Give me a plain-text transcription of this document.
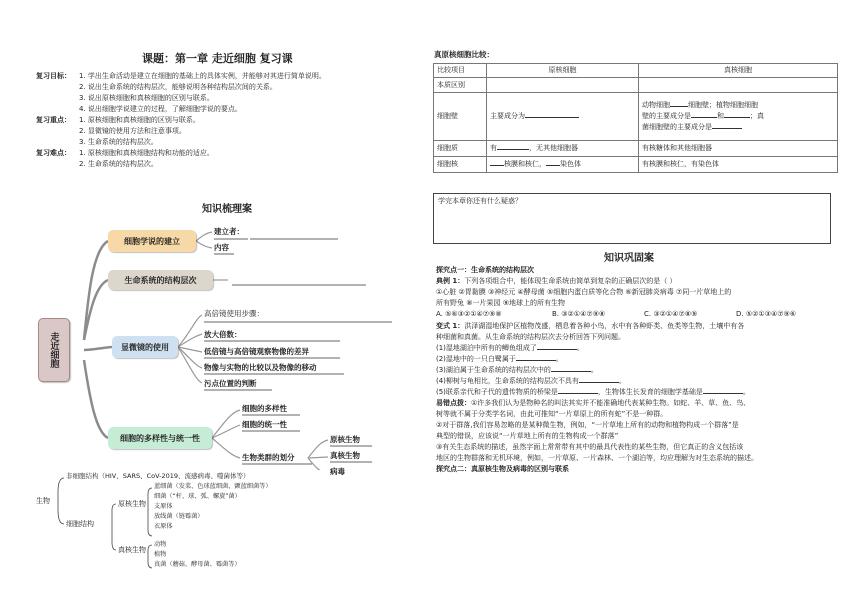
课题：第一章 走近细胞 复习课
复习目标： 1. 学出生命活动是建立在细胞的基础上的具体实例，并能够对其进行简单说明。
2. 说出生命系统的结构层次，能够说明各种结构层次间的关系。
3. 说出原核细胞和真核细胞的区别与联系。
4. 说出细胞学说建立的过程，了解细胞学说的要点。
复习重点： 1. 原核细胞和真核细胞的区别与联系。
2. 显微镜的使用方法和注意事项。
3. 生命系统的结构层次。
复习难点： 1. 原核细胞和真核细胞结构和功能的适应。
2. 生命系统的结构层次。
知识梳理案
走近细胞
细胞学说的建立
建立者：
内容
生命系统的结构层次
高倍镜使用步骤：
显微镜的使用
放大倍数：
低倍镜与高倍镜观察物像的差异
物像与实物的比较以及物像的移动
污点位置的判断
细胞的多样性与统一性
细胞的多样性
细胞的统一性
生物类群的划分
原核生物
真核生物
病毒
生物
非细胞结构（HIV、SARS、CoV-2019、流感病毒、噬菌体等）
细胞结构
原核生物
蓝细菌（发菜、色球蓝细菌、颤蓝细菌等）
细菌（“杆、球、弧、螺旋”菌）
支原体
放线菌（链霉菌）
衣原体
真核生物
动物
植物
真菌（蘑菇、酵母菌、霉菌等）
真原核细胞比较：
比较项目	原核细胞	真核细胞
本质区别		
细胞壁	主要成分为	动物细胞 细胞壁；植物细胞细胞
壁的主要成分是 和 ；真
菌细胞壁的主要成分是
细胞质	有 ，无其他细胞器	有核糖体和其他细胞器
细胞核	核膜和核仁， 染色体	有核膜和核仁，有染色体
学完本章你还有什么疑惑？
知识巩固案
探究点一：生命系统的结构层次
典例 1：下列各项组合中，能体现生命系统由简单到复杂的正确层次的是（ ）
①心脏 ②胃黏膜 ③神经元 ④酵母菌 ⑤细胞内蛋白质等化合物 ⑥新冠肺炎病毒 ⑦同一片草地上的
所有野兔 ⑧一片果园 ⑨地球上的所有生物
A. ⑤⑥③②①④⑦⑨⑧	B. ③②①④⑦⑨⑧	C. ③②①④⑦⑧⑨	D. ⑤②①③④⑦⑨⑥
变式 1：洪泽湖湿地保护区植物茂盛，栖息着各种小鸟，水中有各种虾类、鱼类等生物，土壤中有各
种细菌和真菌。从生命系统的结构层次去分析回答下列问题。
(1)湿地湖泊中所有的鲫鱼组成了	。
(2)湿地中的一只白鹭属于	。
(3)湖泊属于生命系统的结构层次中的	。
(4)柳树与龟相比，生命系统的结构层次不具有	。
(5)联系亲代和子代的遗传物质的桥梁是	，生物体生长发育的细胞学基础是	。
易错点拨：①许多我们认为是物种名的叫法其实并不能准确地代表某种生物。如蛇、羊、草、鱼、鸟、
树等就不属于分类学名词，由此可推知“一片草原上的所有蛇”不是一种群。
②对于群落,我们容易忽略的是某种微生物，例如，“一片草地上所有的动物和植物构成一个群落”是
典型的错误，应该说“一片草地上所有的生物构成一个群落”
③有关生态系统的描述，虽然字面上常常带有其中的最具代表性的某些生物，但它真正的含义包括该
地区的生物群落和无机环境，例如，一片草原、一片森林、一个湖泊等，均应理解为对生态系统的描述。
探究点二：真原核生物及病毒的区别与联系
